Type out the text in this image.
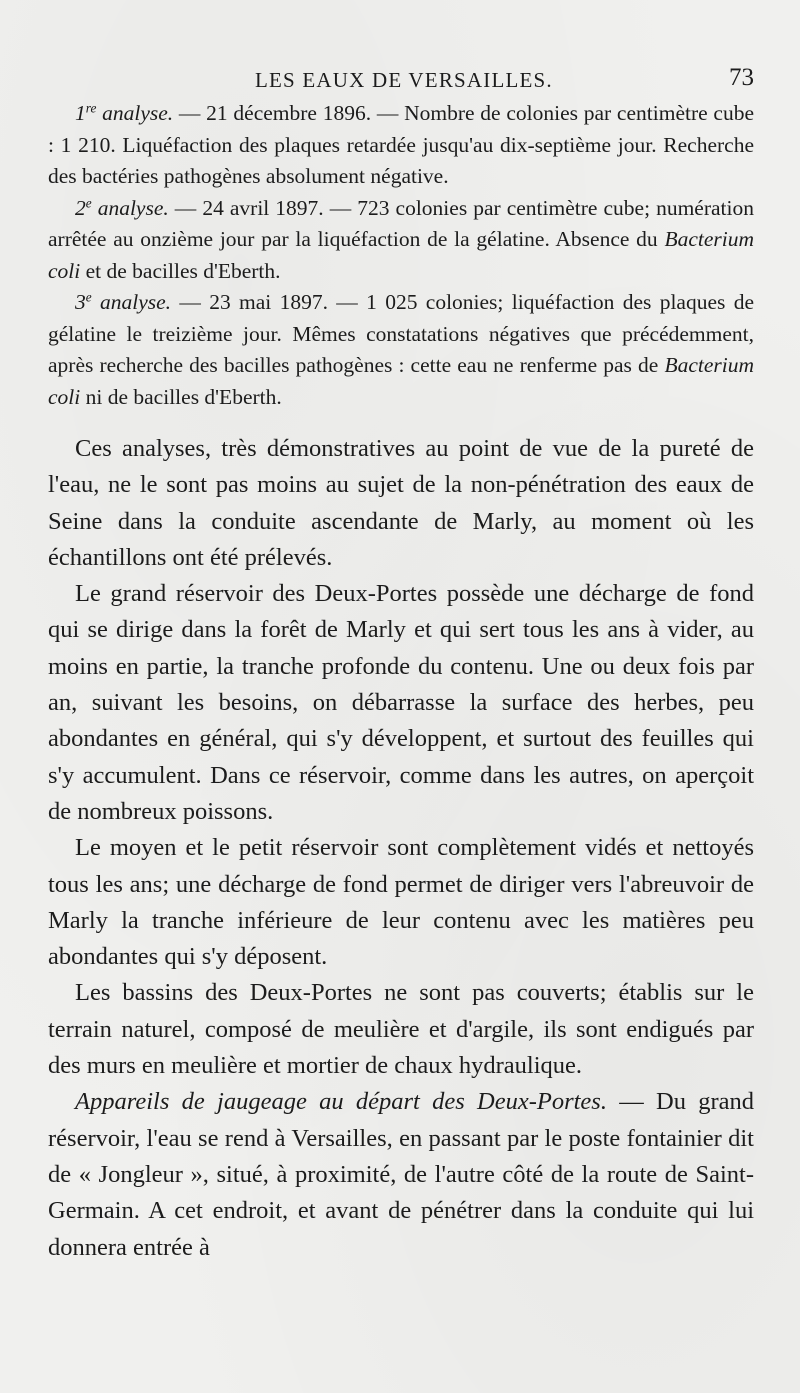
LES EAUX DE VERSAILLES.	73

1re analyse. — 21 décembre 1896. — Nombre de colonies par centimètre cube : 1 210. Liquéfaction des plaques retardée jusqu'au dix-septième jour. Recherche des bactéries pathogènes absolument négative.

2e analyse. — 24 avril 1897. — 723 colonies par centimètre cube; numération arrêtée au onzième jour par la liquéfaction de la gélatine. Absence du Bacterium coli et de bacilles d'Eberth.

3e analyse. — 23 mai 1897. — 1 025 colonies; liquéfaction des plaques de gélatine le treizième jour. Mêmes constatations négatives que précédemment, après recherche des bacilles pathogènes : cette eau ne renferme pas de Bacterium coli ni de bacilles d'Eberth.

Ces analyses, très démonstratives au point de vue de la pureté de l'eau, ne le sont pas moins au sujet de la non-pénétration des eaux de Seine dans la conduite ascendante de Marly, au moment où les échantillons ont été prélevés.

Le grand réservoir des Deux-Portes possède une décharge de fond qui se dirige dans la forêt de Marly et qui sert tous les ans à vider, au moins en partie, la tranche profonde du contenu. Une ou deux fois par an, suivant les besoins, on débarrasse la surface des herbes, peu abondantes en général, qui s'y développent, et surtout des feuilles qui s'y accumulent. Dans ce réservoir, comme dans les autres, on aperçoit de nombreux poissons.

Le moyen et le petit réservoir sont complètement vidés et nettoyés tous les ans; une décharge de fond permet de diriger vers l'abreuvoir de Marly la tranche inférieure de leur contenu avec les matières peu abondantes qui s'y déposent.

Les bassins des Deux-Portes ne sont pas couverts; établis sur le terrain naturel, composé de meulière et d'argile, ils sont endigués par des murs en meulière et mortier de chaux hydraulique.

Appareils de jaugeage au départ des Deux-Portes. — Du grand réservoir, l'eau se rend à Versailles, en passant par le poste fontainier dit de « Jongleur », situé, à proximité, de l'autre côté de la route de Saint-Germain. A cet endroit, et avant de pénétrer dans la conduite qui lui donnera entrée à
